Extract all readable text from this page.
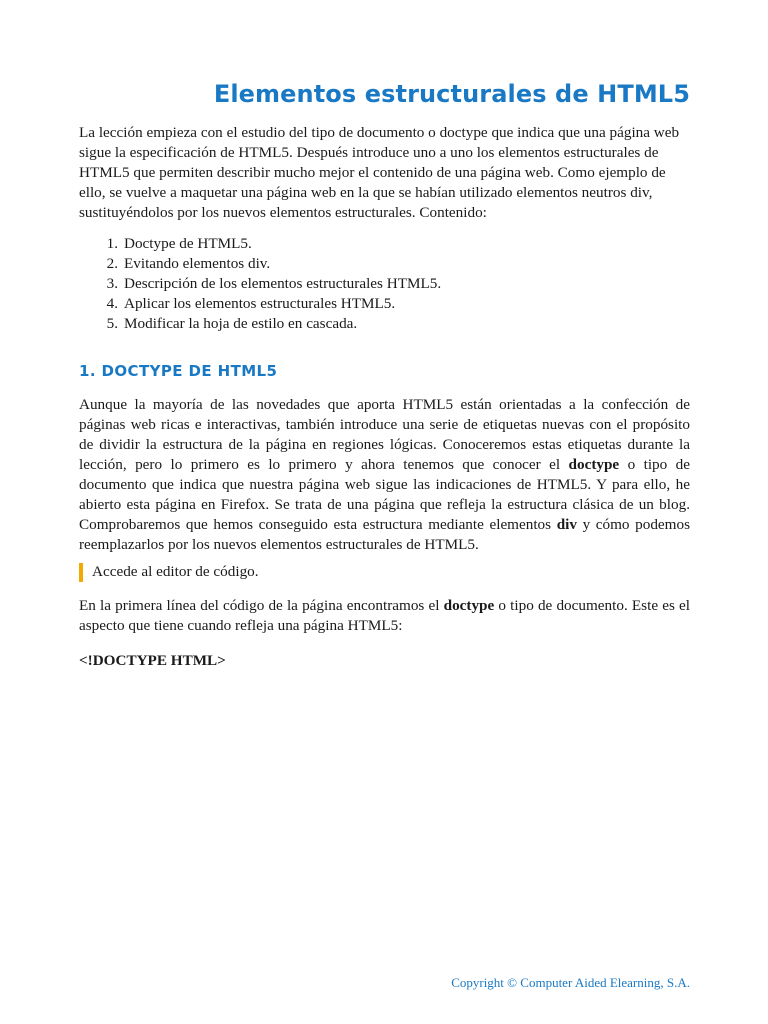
Elementos estructurales de HTML5

La lección empieza con el estudio del tipo de documento o doctype que indica que una página web sigue la especificación de HTML5. Después introduce uno a uno los elementos estructurales de HTML5 que permiten describir mucho mejor el contenido de una página web. Como ejemplo de ello, se vuelve a maquetar una página web en la que se habían utilizado elementos neutros div, sustituyéndolos por los nuevos elementos estructurales. Contenido:

1. Doctype de HTML5.
2. Evitando elementos div.
3. Descripción de los elementos estructurales HTML5.
4. Aplicar los elementos estructurales HTML5.
5. Modificar la hoja de estilo en cascada.
1. DOCTYPE DE HTML5
Aunque la mayoría de las novedades que aporta HTML5 están orientadas a la confección de
páginas web ricas e interactivas, también introduce una serie de etiquetas nuevas con el propósito
de dividir la estructura de la página en regiones lógicas. Conoceremos estas etiquetas durante la
lección, pero lo primero es lo primero y ahora tenemos que conocer el doctype o tipo de
documento que indica que nuestra página web sigue las indicaciones de HTML5. Y para ello, he
abierto esta página en Firefox. Se trata de una página que refleja la estructura clásica de un blog.
Comprobaremos que hemos conseguido esta estructura mediante elementos div y cómo podemos
reemplazarlos por los nuevos elementos estructurales de HTML5.
Accede al editor de código.

En la primera línea del código de la página encontramos el doctype o tipo de documento. Este es el aspecto que tiene cuando refleja una página HTML5:

<!DOCTYPE HTML>

Copyright © Computer Aided Elearning, S.A.
